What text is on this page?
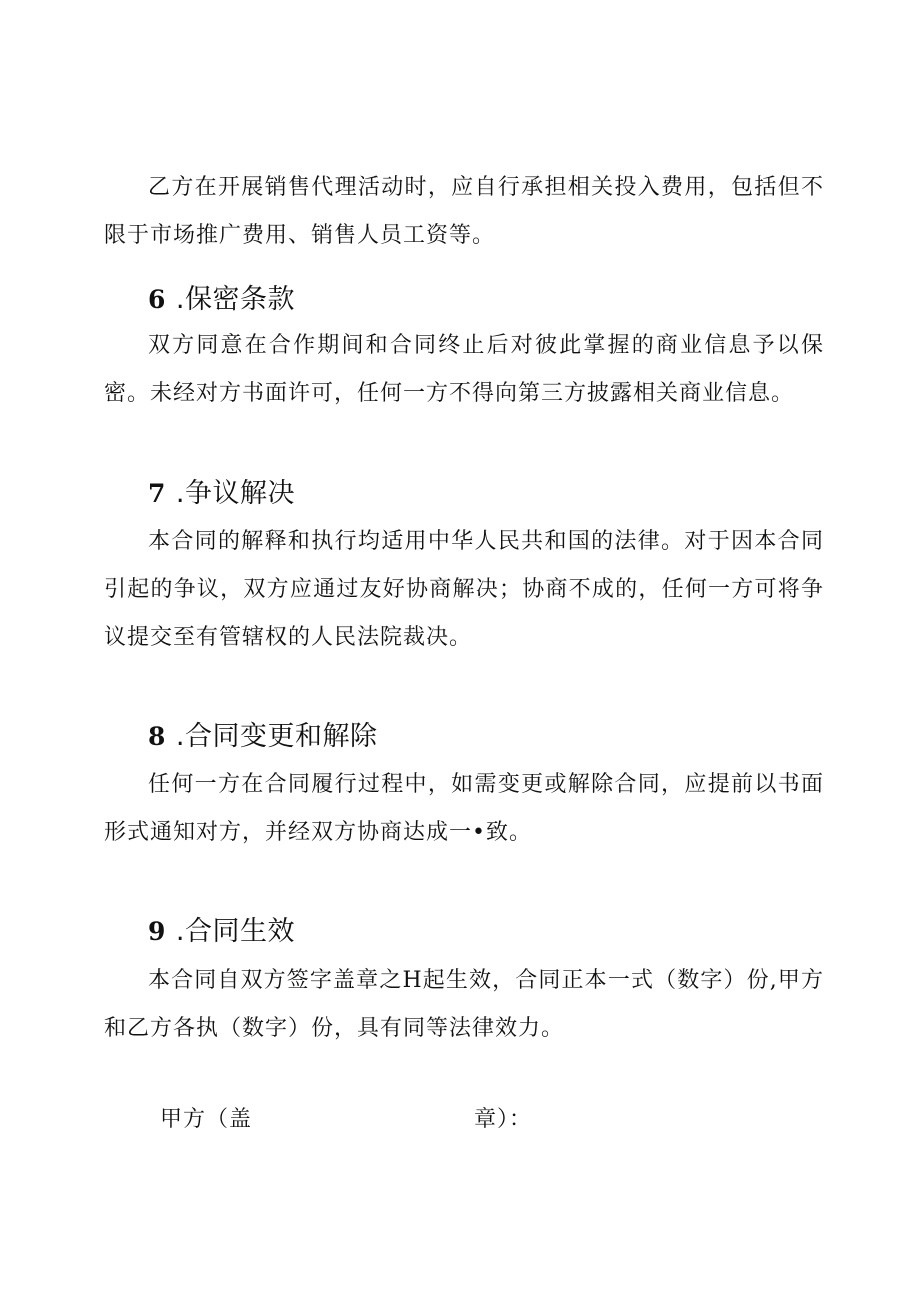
乙方在开展销售代理活动时，应自行承担相关投入费用，包括但不限于市场推广费用、销售人员工资等。

6 .保密条款

双方同意在合作期间和合同终止后对彼此掌握的商业信息予以保密。未经对方书面许可，任何一方不得向第三方披露相关商业信息。

7 .争议解决

本合同的解释和执行均适用中华人民共和国的法律。对于因本合同引起的争议，双方应通过友好协商解决；协商不成的，任何一方可将争议提交至有管辖权的人民法院裁决。

8 .合同变更和解除

任何一方在合同履行过程中，如需变更或解除合同，应提前以书面形式通知对方，并经双方协商达成一•致。

9 .合同生效

本合同自双方签字盖章之H起生效，合同正本一式（数字）份,甲方和乙方各执（数字）份，具有同等法律效力。

甲方（盖	章）：
